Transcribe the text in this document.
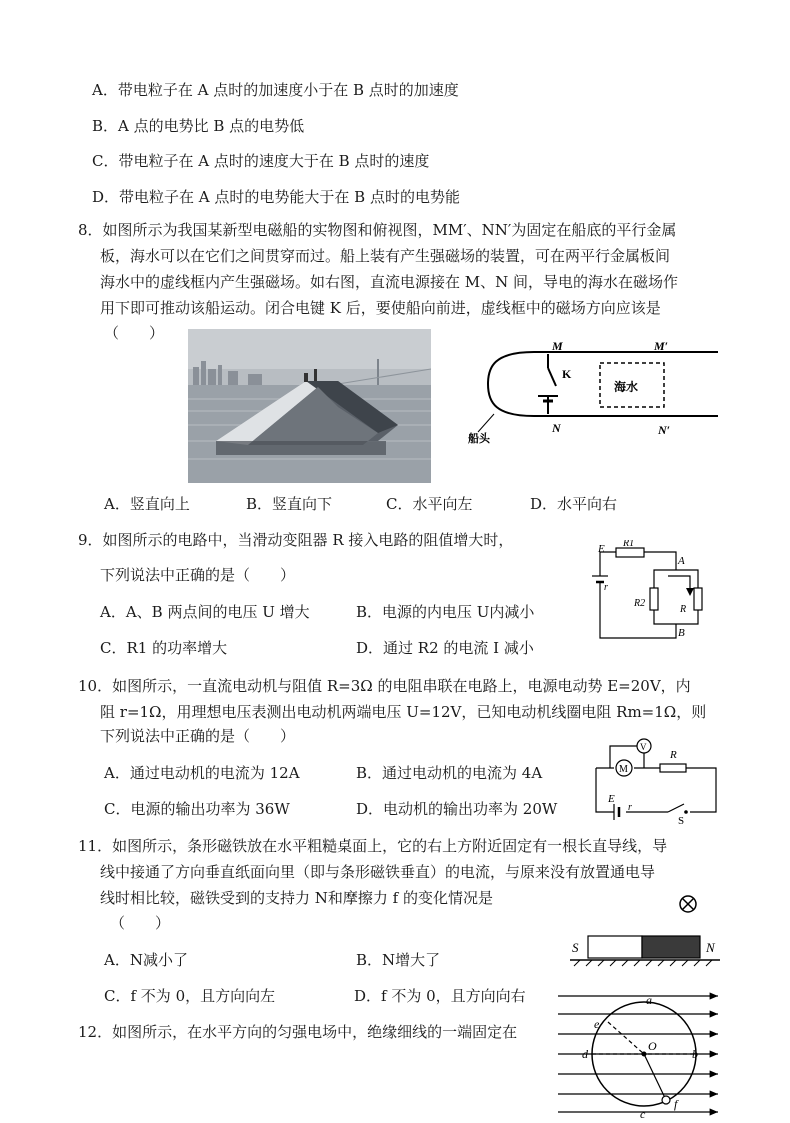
A．带电粒子在 A 点时的加速度小于在 B 点时的加速度
B．A 点的电势比 B 点的电势低
C．带电粒子在 A 点时的速度大于在 B 点时的速度
D．带电粒子在 A 点时的电势能大于在 B 点时的电势能
8．如图所示为我国某新型电磁船的实物图和俯视图，MM′、NN′为固定在船底的平行金属
板，海水可以在它们之间贯穿而过。船上装有产生强磁场的装置，可在两平行金属板间
海水中的虚线框内产生强磁场。如右图，直流电源接在 M、N 间，导电的海水在磁场作
用下即可推动该船运动。闭合电键 K 后，要使船向前进，虚线框中的磁场方向应该是
（　　）
M	M′
K
海水
N	N′
船头
A．竖直向上	B．竖直向下	C．水平向左	D．水平向右
9．如图所示的电路中，当滑动变阻器 R 接入电路的阻值增大时，
下列说法中正确的是（　　）
A．A、B 两点间的电压 U 增大	B．电源的内电压 U内减小
C．R1 的功率增大	D．通过 R2 的电流 I 减小
E
r
R1
R2
R
A
B
10．如图所示，一直流电动机与阻值 R=3Ω 的电阻串联在电路上，电源电动势 E=20V，内
阻 r=1Ω，用理想电压表测出电动机两端电压 U=12V，已知电动机线圈电阻 Rm=1Ω，则
下列说法中正确的是（　　）
A．通过电动机的电流为 12A	B．通过电动机的电流为 4A
C．电源的输出功率为 36W	D．电动机的输出功率为 20W
V
M
R
E
r
S
11．如图所示，条形磁铁放在水平粗糙桌面上，它的右上方附近固定有一根长直导线，导
线中接通了方向垂直纸面向里（即与条形磁铁垂直）的电流，与原来没有放置通电导
线时相比较，磁铁受到的支持力 N和摩擦力 f 的变化情况是
（　　）
A．N减小了	B．N增大了
C．f 不为 0，且方向向左	D．f 不为 0，且方向向右
S	N
12．如图所示，在水平方向的匀强电场中，绝缘细线的一端固定在
a
b
c
d
e
f
O
